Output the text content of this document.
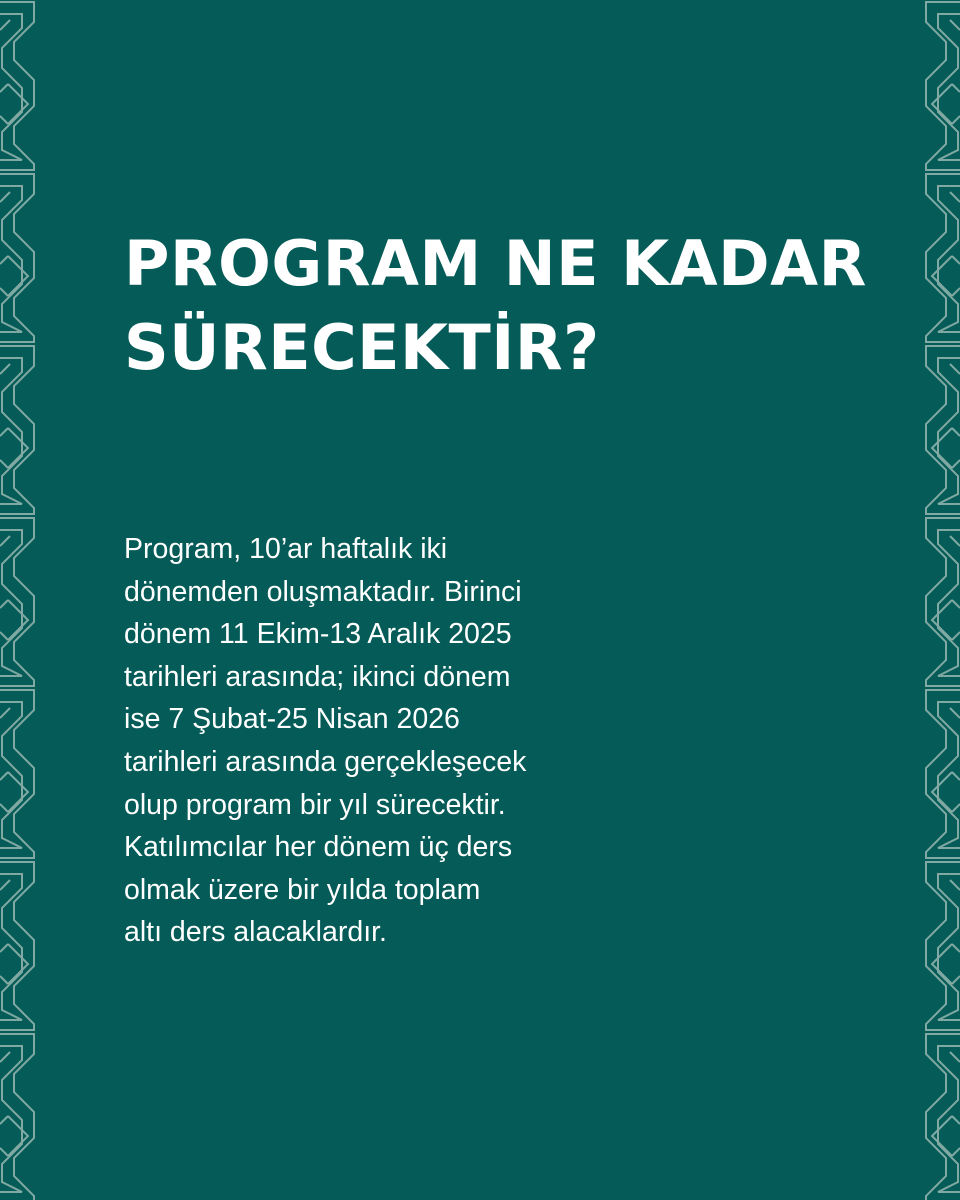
PROGRAM NE KADAR
SÜRECEKTİR?

Program, 10’ar haftalık iki
dönemden oluşmaktadır. Birinci
dönem 11 Ekim-13 Aralık 2025
tarihleri arasında; ikinci dönem
ise 7 Şubat-25 Nisan 2026
tarihleri arasında gerçekleşecek
olup program bir yıl sürecektir.
Katılımcılar her dönem üç ders
olmak üzere bir yılda toplam
altı ders alacaklardır.
